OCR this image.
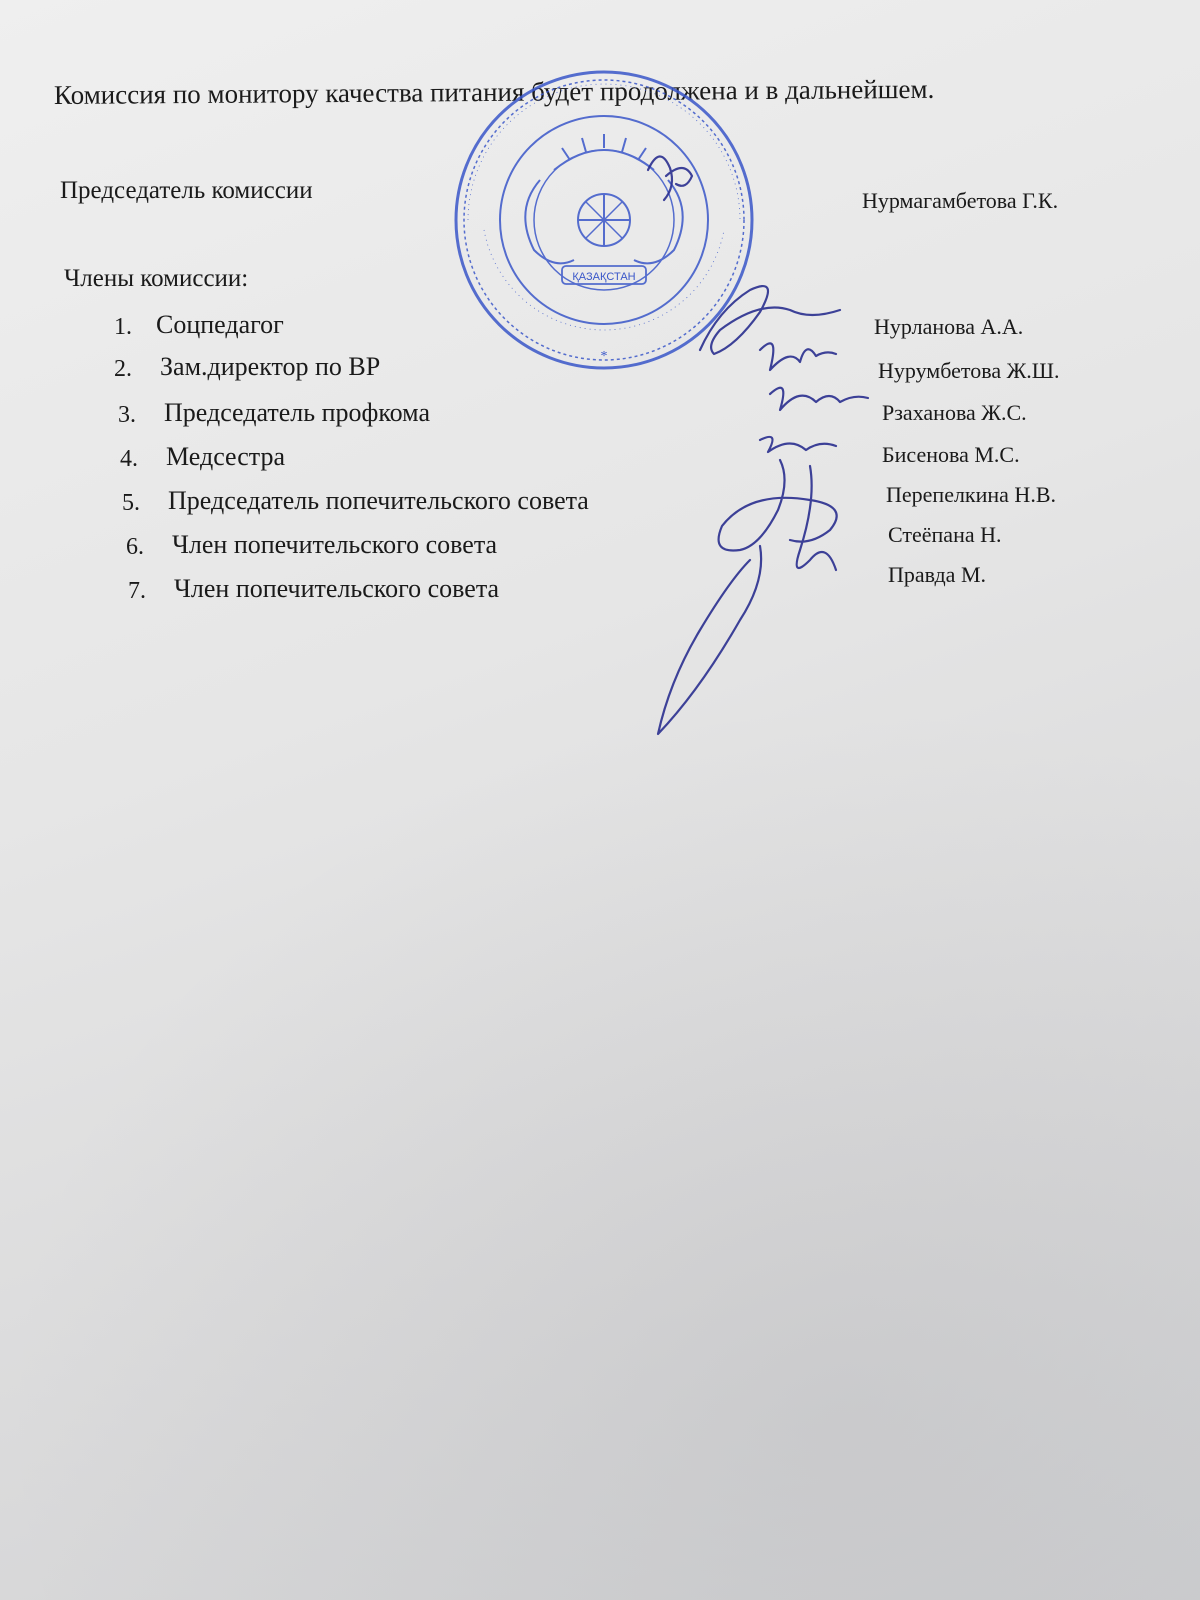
Комиссия по монитору качества питания будет продолжена и в дальнейшем.
Председатель комиссии	Нурмагамбетова Г.К.
Члены комиссии:
1. Соцпедагог	Нурланова А.А.
2. Зам.директор по ВР	Нурумбетова Ж.Ш.
3. Председатель профкома	Рзаханова Ж.С.
4. Медсестра	Бисенова М.С.
5. Председатель попечительского совета	Перепелкина Н.В.
6. Член попечительского совета	Стеёпана Н.
7. Член попечительского совета	Правда М.
ҚАЗАҚСТАН
*
